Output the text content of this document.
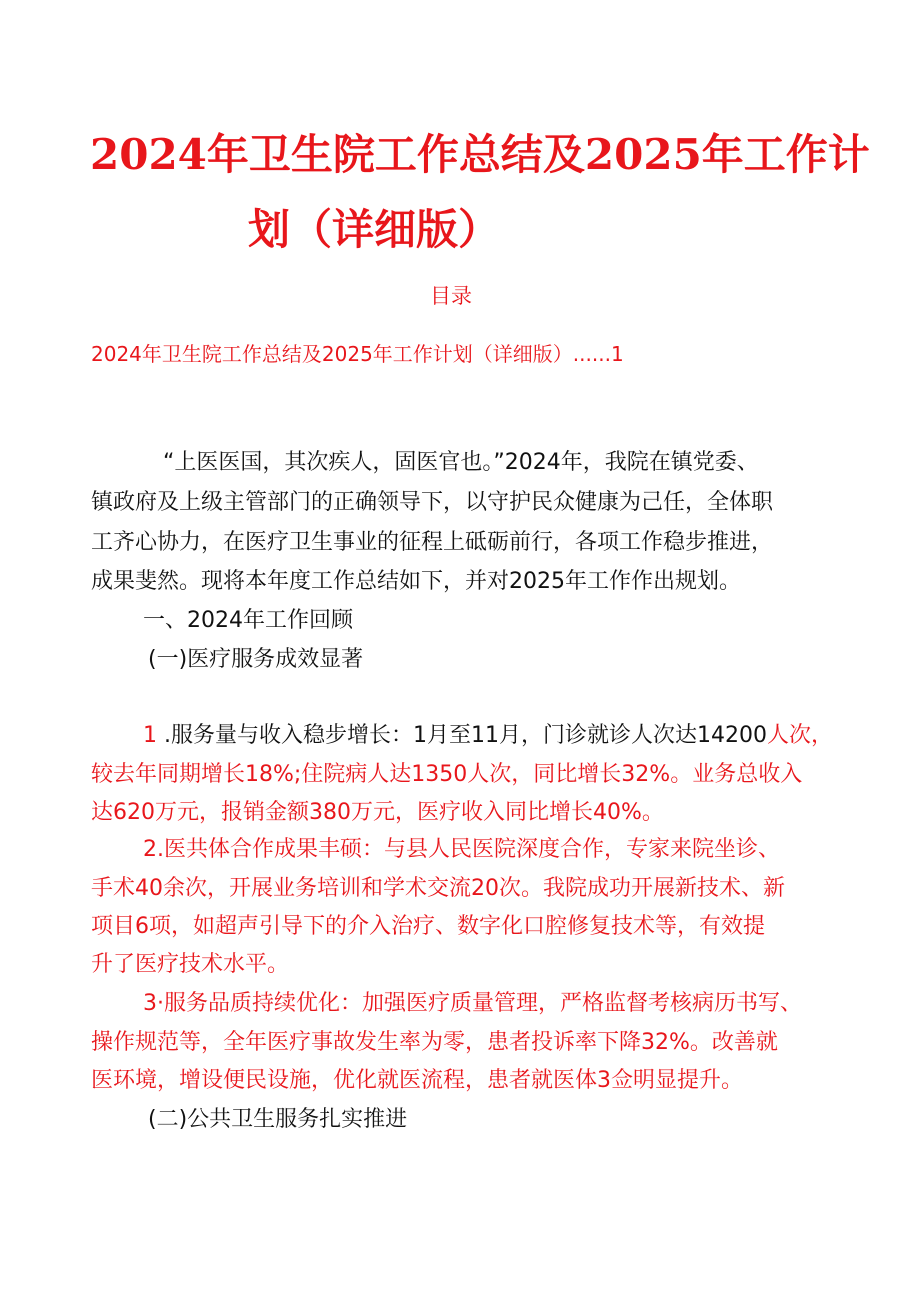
2024年卫生院工作总结及2025年工作计
划（详细版）
目录
2024年卫生院工作总结及2025年工作计划（详细版）......1
“上医医国，其次疾人，固医官也。”2024年，我院在镇党委、
镇政府及上级主管部门的正确领导下，以守护民众健康为己任，全体职
工齐心协力，在医疗卫生事业的征程上砥砺前行，各项工作稳步推进，
成果斐然。现将本年度工作总结如下，并对2025年工作作出规划。
一、2024年工作回顾
(一)医疗服务成效显著
1 .服务量与收入稳步增长：1月至11月，门诊就诊人次达14200人次，
较去年同期增长18%;住院病人达1350人次，同比增长32%。业务总收入
达620万元，报销金额380万元，医疗收入同比增长40%。
2.医共体合作成果丰硕：与县人民医院深度合作，专家来院坐诊、
手术40余次，开展业务培训和学术交流20次。我院成功开展新技术、新
项目6项，如超声引导下的介入治疗、数字化口腔修复技术等，有效提
升了医疗技术水平。
3·服务品质持续优化：加强医疗质量管理，严格监督考核病历书写、
操作规范等，全年医疗事故发生率为零，患者投诉率下降32%。改善就
医环境，增设便民设施，优化就医流程，患者就医体3佥明显提升。
(二)公共卫生服务扎实推进
